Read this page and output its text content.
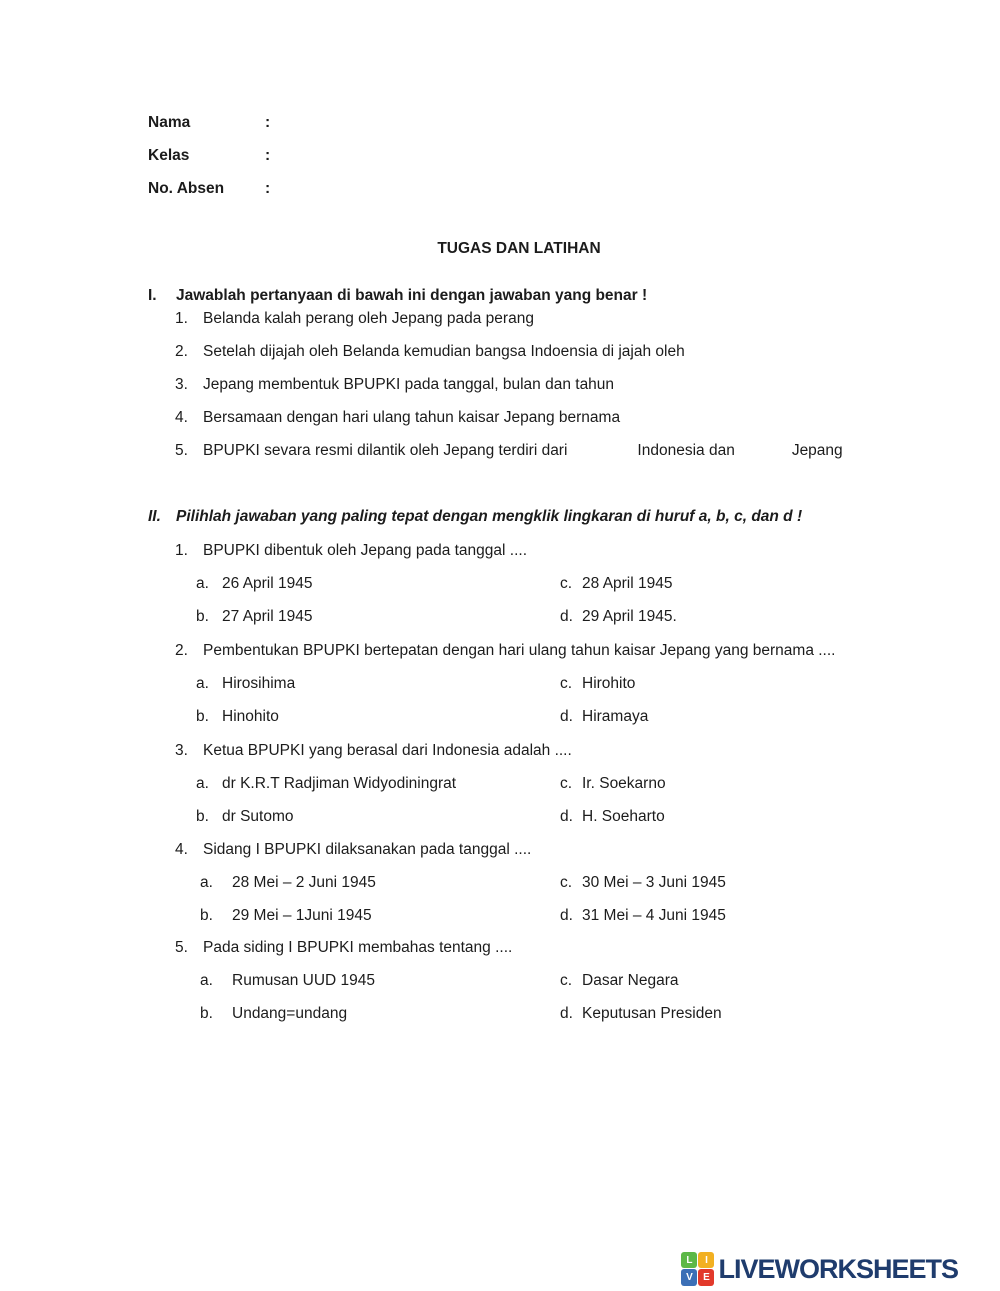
Nama	:
Kelas	:
No. Absen	:
TUGAS DAN LATIHAN
I.	Jawablah pertanyaan di bawah ini dengan jawaban yang benar !
1. Belanda kalah perang oleh Jepang pada perang
2. Setelah dijajah oleh Belanda kemudian bangsa Indoensia di jajah oleh
3. Jepang membentuk BPUPKI pada tanggal, bulan dan tahun
4. Bersamaan dengan hari ulang tahun kaisar Jepang bernama
5. BPUPKI sevara resmi dilantik oleh Jepang terdiri dari	Indonesia dan	Jepang
II. Pilihlah jawaban yang paling tepat dengan mengklik lingkaran di huruf a, b, c, dan d !
1. BPUPKI dibentuk oleh Jepang pada tanggal ....
a. 26 April 1945	c. 28 April 1945
b. 27 April 1945	d. 29 April 1945.
2. Pembentukan BPUPKI bertepatan dengan hari ulang tahun kaisar Jepang yang bernama ....
a. Hirosihima	c. Hirohito
b. Hinohito	d. Hiramaya
3. Ketua BPUPKI yang berasal dari Indonesia adalah ....
a. dr K.R.T Radjiman Widyodiningrat	c. Ir. Soekarno
b. dr Sutomo	d. H. Soeharto
4. Sidang I BPUPKI dilaksanakan pada tanggal ....
a.	28 Mei – 2 Juni 1945	c. 30 Mei – 3 Juni 1945
b.	29 Mei – 1Juni 1945	d. 31 Mei – 4 Juni 1945
5. Pada siding I BPUPKI membahas tentang ....
a.	Rumusan UUD 1945	c. Dasar Negara
b.	Undang=undang	d. Keputusan Presiden
L	I
V	E LIVEWORKSHEETS
